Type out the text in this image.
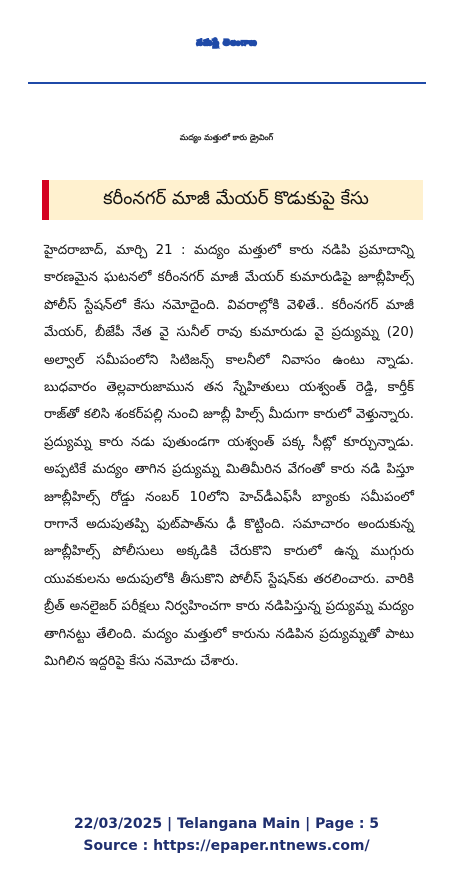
నమస్తే తెలంగాణ
మద్యం మత్తులో కారు డ్రైవింగ్
కరీంనగర్ మాజీ మేయర్ కొడుకుపై కేసు

హైదరాబాద్, మార్చి 21 : మద్యం మత్తులో కారు నడిపి ప్రమాదాన్ని కారణమైన ఘటనలో కరీంనగర్ మాజీ మేయర్ కుమారుడిపై జూబ్లీహిల్స్ పోలీస్ స్టేషన్‌లో కేసు నమోదైంది. వివరాల్లోకి వెళితే.. కరీంనగర్ మాజీ మేయర్, బీజేపీ నేత వై సునీల్ రావు కుమారుడు వై ప్రద్యుమ్న (20) అల్వాల్ సమీపంలోని సిటిజన్స్ కాలనీలో నివాసం ఉంటు న్నాడు. బుధవారం తెల్లవారుజామున తన స్నేహితులు యశ్వంత్ రెడ్డి, కార్తీక్ రాజ్‌తో కలిసి శంకర్‌పల్లి నుంచి జూబ్లీ హిల్స్ మీదుగా కారులో వెళ్తున్నారు. ప్రద్యుమ్న కారు నడు పుతుండగా యశ్వంత్ పక్క సీట్లో కూర్చున్నాడు. అప్పటికే మద్యం తాగిన ప్రద్యుమ్న మితిమీరిన వేగంతో కారు నడి పిస్తూ జూబ్లీహిల్స్ రోడ్డు నంబర్ 10లోని హెచ్‌డీఎఫ్‌సీ బ్యాంకు సమీపంలో రాగానే అదుపుతప్పి ఫుట్‌పాత్‌ను ఢీ కొట్టింది. సమాచారం అందుకున్న జూబ్లీహిల్స్ పోలీసులు అక్కడికి చేరుకొని కారులో ఉన్న ముగ్గురు యువకులను అదుపులోకి తీసుకొని పోలీస్ స్టేషన్‌కు తరలించారు. వారికి బ్రీత్ అనలైజర్ పరీక్షలు నిర్వహించగా కారు నడిపిస్తున్న ప్రద్యుమ్న మద్యం తాగినట్టు తేలింది. మద్యం మత్తులో కారును నడిపిన ప్రద్యుమ్నతో పాటు మిగిలిన ఇద్దరిపై కేసు నమోదు చేశారు.

22/03/2025 | Telangana Main | Page : 5
Source : https://epaper.ntnews.com/
